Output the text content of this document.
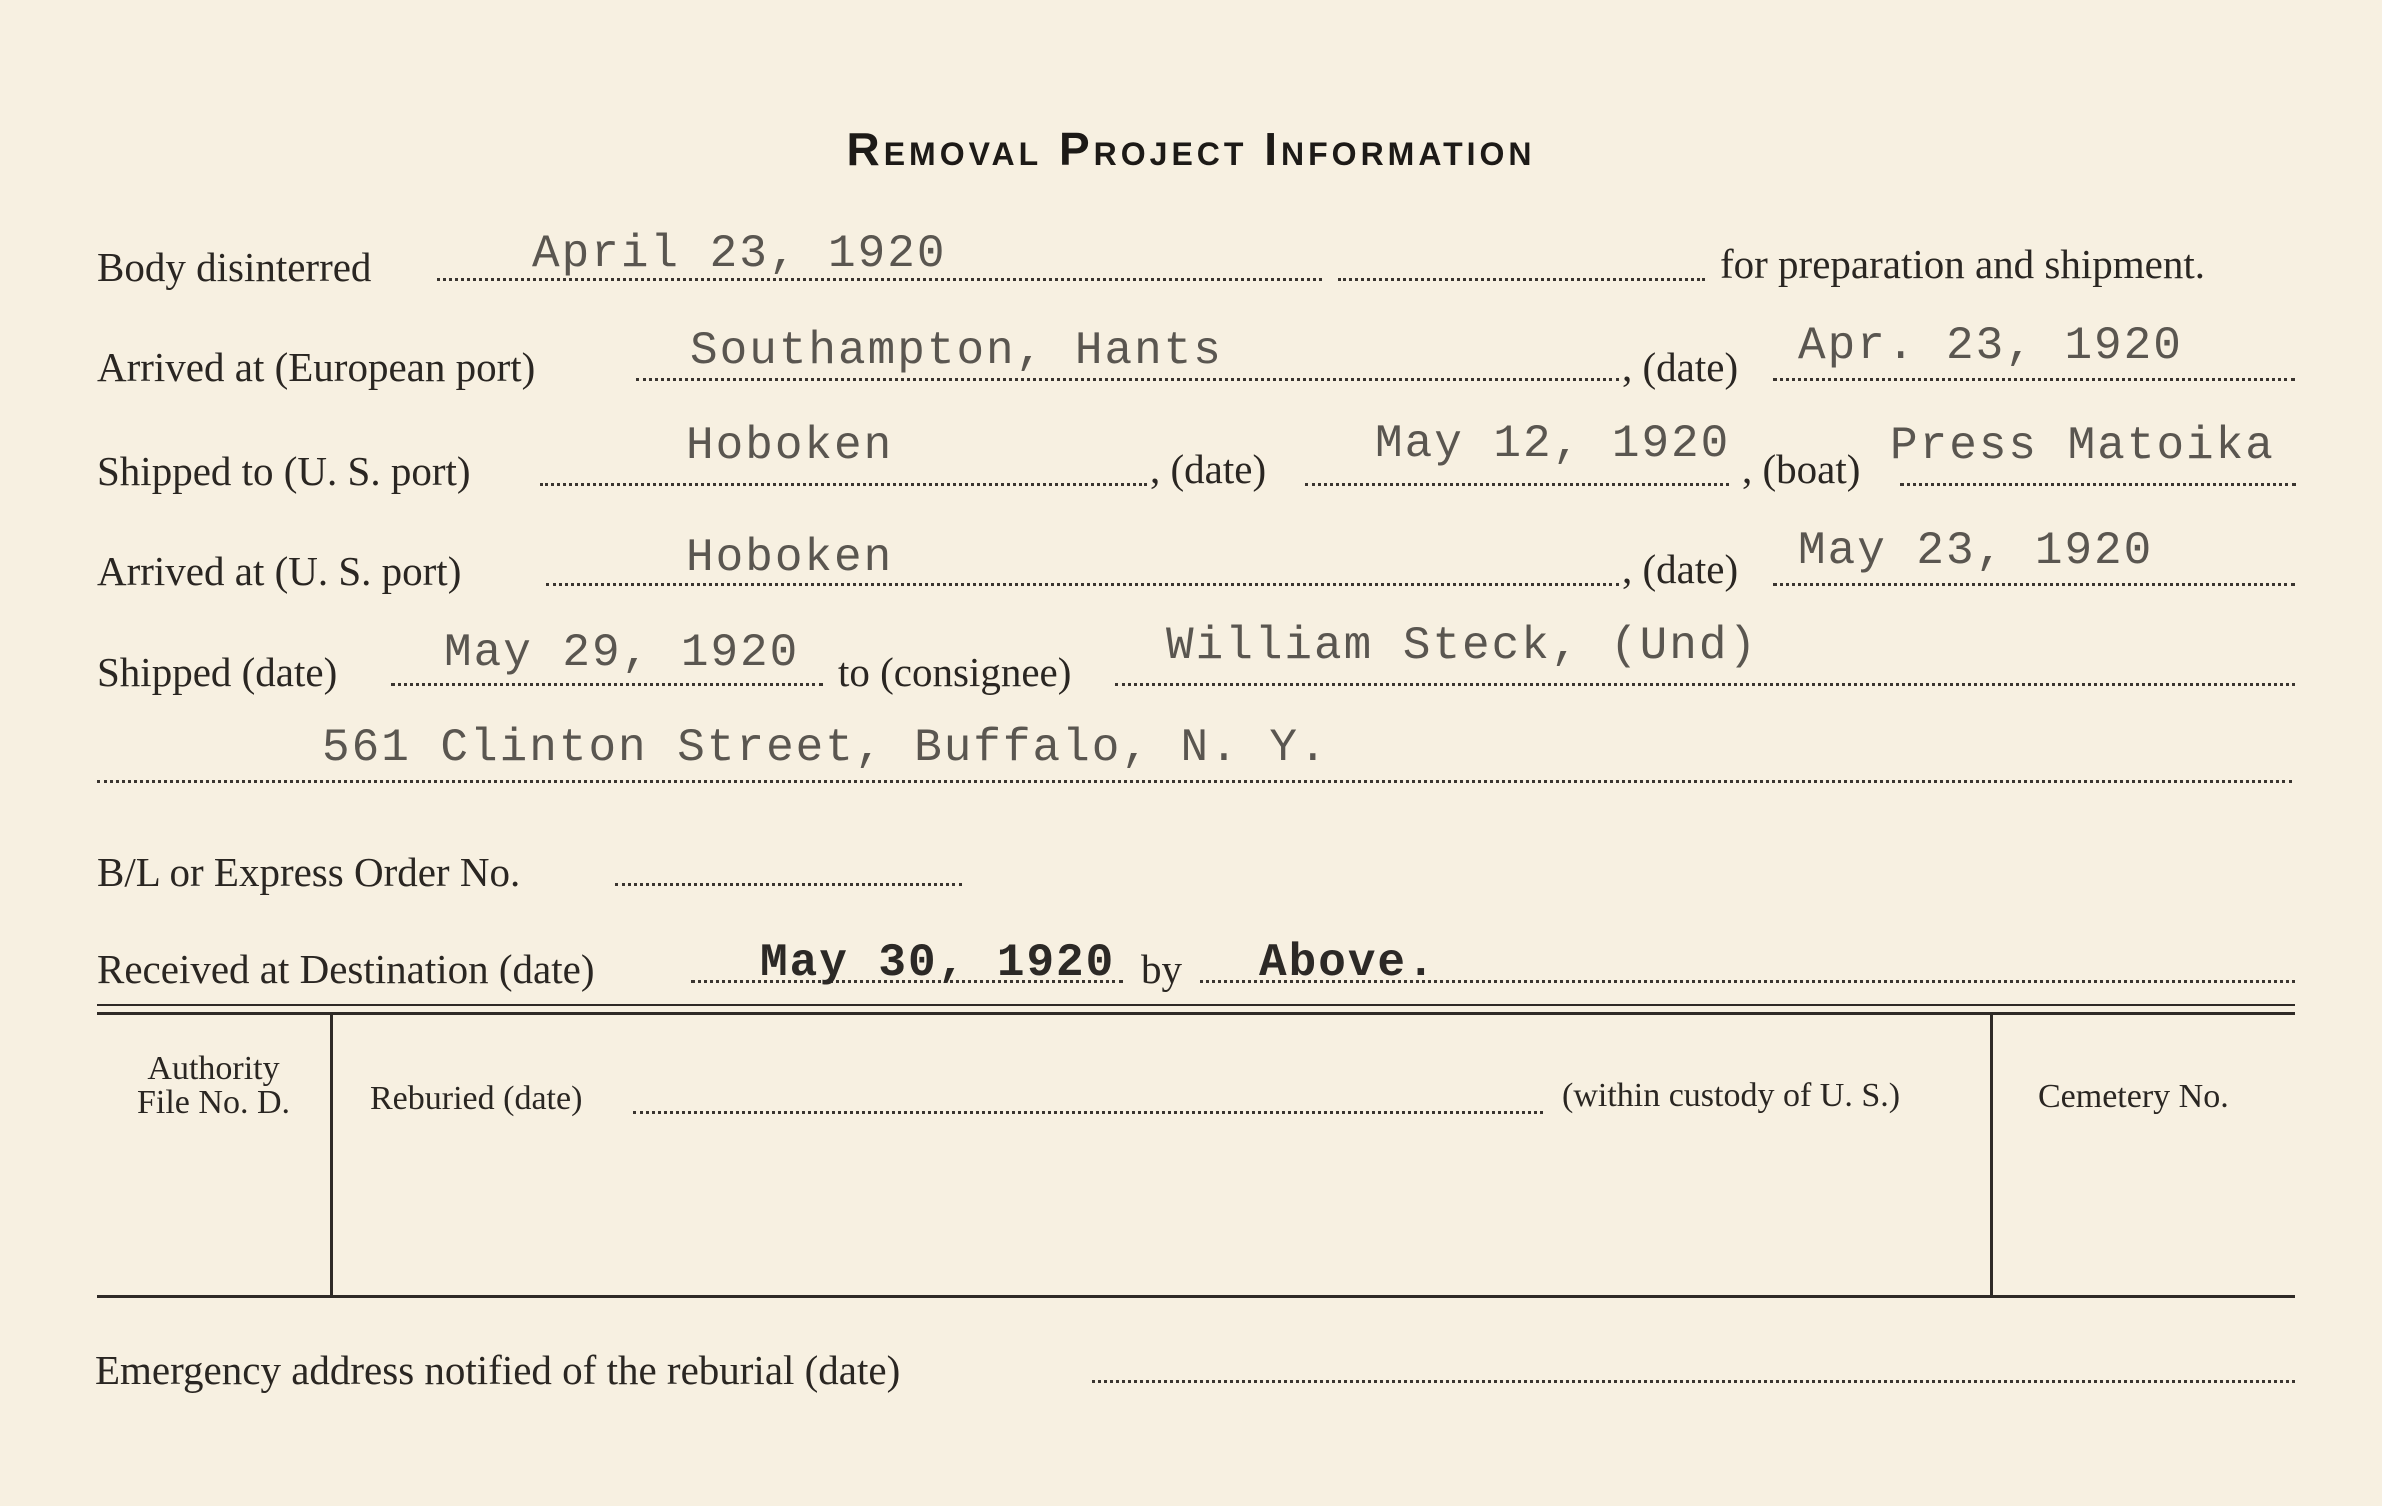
Removal Project Information
Body disinterred	April 23, 1920	for preparation and shipment.
Arrived at (European port)	Southampton, Hants	, (date) Apr. 23, 1920
Shipped to (U. S. port)	Hoboken	, (date) May 12, 1920 , (boat) Press Matoika
Arrived at (U. S. port)	Hoboken	, (date) May 23, 1920
Shipped (date) May 29, 1920 to (consignee) William Steck, (Und)
561 Clinton Street, Buffalo, N. Y.
B/L or Express Order No.
Received at Destination (date)	May 30, 1920 by Above.
Authority
File No. D.	Reburied (date)	(within custody of U. S.)	Cemetery No.
Emergency address notified of the reburial (date)
